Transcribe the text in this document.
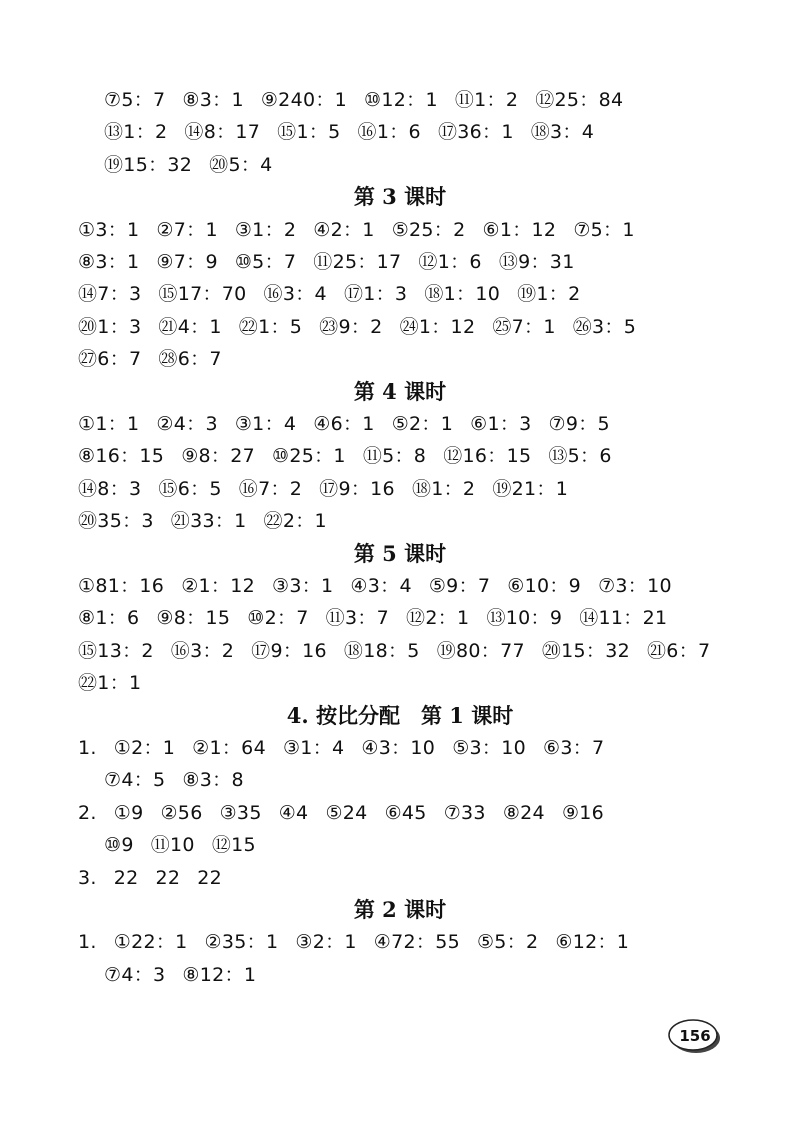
⑦5：7 ⑧3：1 ⑨240：1 ⑩12：1 ⑪1：2 ⑫25：84
⑬1：2 ⑭8：17 ⑮1：5 ⑯1：6 ⑰36：1 ⑱3：4
⑲15：32 ⑳5：4
第 3 课时
①3：1 ②7：1 ③1：2 ④2：1 ⑤25：2 ⑥1：12 ⑦5：1
⑧3：1 ⑨7：9 ⑩5：7 ⑪25：17 ⑫1：6 ⑬9：31
⑭7：3 ⑮17：70 ⑯3：4 ⑰1：3 ⑱1：10 ⑲1：2
⑳1：3 ㉑4：1 ㉒1：5 ㉓9：2 ㉔1：12 ㉕7：1 ㉖3：5
㉗6：7 ㉘6：7
第 4 课时
①1：1 ②4：3 ③1：4 ④6：1 ⑤2：1 ⑥1：3 ⑦9：5
⑧16：15 ⑨8：27 ⑩25：1 ⑪5：8 ⑫16：15 ⑬5：6
⑭8：3 ⑮6：5 ⑯7：2 ⑰9：16 ⑱1：2 ⑲21：1
⑳35：3 ㉑33：1 ㉒2：1
第 5 课时
①81：16 ②1：12 ③3：1 ④3：4 ⑤9：7 ⑥10：9 ⑦3：10
⑧1：6 ⑨8：15 ⑩2：7 ⑪3：7 ⑫2：1 ⑬10：9 ⑭11：21
⑮13：2 ⑯3：2 ⑰9：16 ⑱18：5 ⑲80：77 ⑳15：32 ㉑6：7
㉒1：1
4. 按比分配　第 1 课时
1. ①2：1 ②1：64 ③1：4 ④3：10 ⑤3：10 ⑥3：7
⑦4：5 ⑧3：8
2. ①9 ②56 ③35 ④4 ⑤24 ⑥45 ⑦33 ⑧24 ⑨16
⑩9 ⑪10 ⑫15
3. 22 22 22
第 2 课时
1. ①22：1 ②35：1 ③2：1 ④72：55 ⑤5：2 ⑥12：1
⑦4：3 ⑧12：1
156
